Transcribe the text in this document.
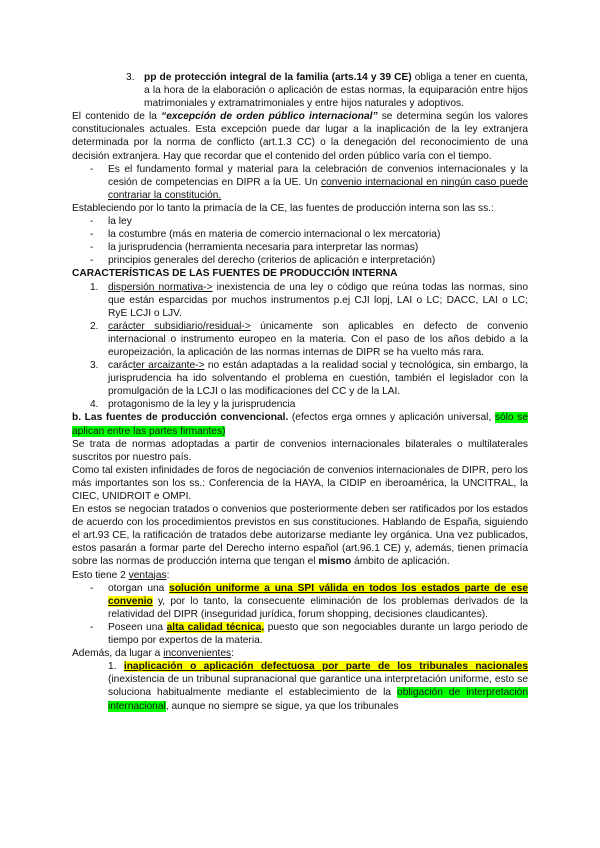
3. pp de protección integral de la familia (arts.14 y 39 CE) obliga a tener en cuenta, a la hora de la elaboración o aplicación de estas normas, la equiparación entre hijos matrimoniales y extramatrimoniales y entre hijos naturales y adoptivos.

El contenido de la “excepción de orden público internacional” se determina según los valores constitucionales actuales. Esta excepción puede dar lugar a la inaplicación de la ley extranjera determinada por la norma de conflicto (art.1.3 CC) o la denegación del reconocimiento de una decisión extranjera. Hay que recordar que el contenido del orden público varía con el tiempo.

- Es el fundamento formal y material para la celebración de convenios internacionales y la cesión de competencias en DIPR a la UE. Un convenio internacional en ningún caso puede contrariar la constitución.

Estableciendo por lo tanto la primacía de la CE, las fuentes de producción interna son las ss.:

- la ley

- la costumbre (más en materia de comercio internacional o lex mercatoria)

- la jurisprudencia (herramienta necesaria para interpretar las normas)

- principios generales del derecho (criterios de aplicación e interpretación)

CARACTERÍSTICAS DE LAS FUENTES DE PRODUCCIÓN INTERNA

1. dispersión normativa-> inexistencia de una ley o código que reúna todas las normas, sino que están esparcidas por muchos instrumentos p.ej CJI lopj, LAI o LC; DACC, LAI o LC; RyE LCJI o LJV.

2. carácter subsidiario/residual-> únicamente son aplicables en defecto de convenio internacional o instrumento europeo en la materia. Con el paso de los años debido a la europeización, la aplicación de las normas internas de DIPR se ha vuelto más rara.

3. carácter arcaizante-> no están adaptadas a la realidad social y tecnológica, sin embargo, la jurisprudencia ha ido solventando el problema en cuestión, también el legislador con la promulgación de la LCJI o las modificaciones del CC y de la LAI.

4. protagonismo de la ley y la jurisprudencia

b. Las fuentes de producción convencional. (efectos erga omnes y aplicación universal, sólo se aplican entre las partes firmantes)

Se trata de normas adoptadas a partir de convenios internacionales bilaterales o multilaterales suscritos por nuestro país.

Como tal existen infinidades de foros de negociación de convenios internacionales de DIPR, pero los más importantes son los ss.: Conferencia de la HAYA, la CIDIP en iberoamérica, la UNCITRAL, la CIEC, UNIDROIT e OMPI.

En estos se negocian tratados o convenios que posteriormente deben ser ratificados por los estados de acuerdo con los procedimientos previstos en sus constituciones. Hablando de España, siguiendo el art.93 CE, la ratificación de tratados debe autorizarse mediante ley orgánica. Una vez publicados, estos pasarán a formar parte del Derecho interno español (art.96.1 CE) y, además, tienen primacía sobre las normas de producción interna que tengan el mismo ámbito de aplicación.

Esto tiene 2 ventajas:

- otorgan una solución uniforme a una SPI válida en todos los estados parte de ese convenio y, por lo tanto, la consecuente eliminación de los problemas derivados de la relatividad del DIPR (inseguridad jurídica, forum shopping, decisiones claudicantes).

- Poseen una alta calidad técnica, puesto que son negociables durante un largo periodo de tiempo por expertos de la materia.

Además, da lugar a inconvenientes:

1. inaplicación o aplicación defectuosa por parte de los tribunales nacionales (inexistencia de un tribunal supranacional que garantice una interpretación uniforme, esto se soluciona habitualmente mediante el establecimiento de la obligación de interpretación internacional, aunque no siempre se sigue, ya que los tribunales
